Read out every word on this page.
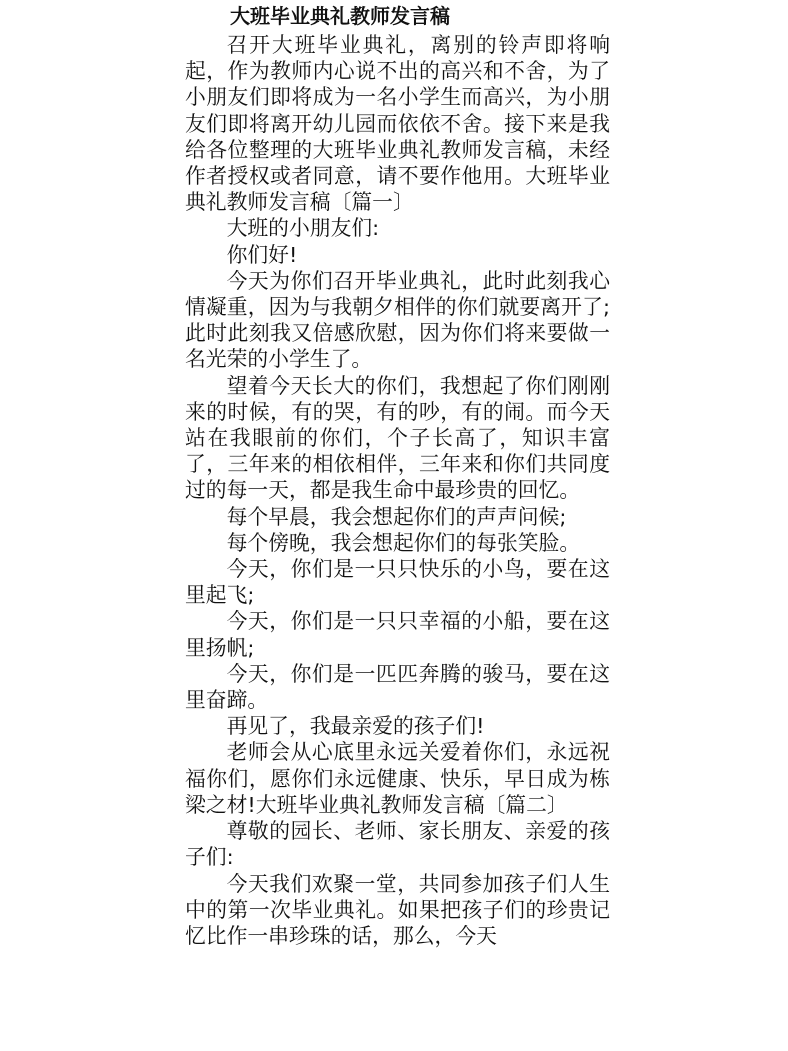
大班毕业典礼教师发言稿

召开大班毕业典礼，离别的铃声即将响起，作为教师内心说不出的高兴和不舍，为了小朋友们即将成为一名小学生而高兴，为小朋友们即将离开幼儿园而依依不舍。接下来是我给各位整理的大班毕业典礼教师发言稿，未经作者授权或者同意，请不要作他用。大班毕业典礼教师发言稿〔篇一〕

大班的小朋友们:

你们好!

今天为你们召开毕业典礼，此时此刻我心情凝重，因为与我朝夕相伴的你们就要离开了;此时此刻我又倍感欣慰，因为你们将来要做一名光荣的小学生了。

望着今天长大的你们，我想起了你们刚刚来的时候，有的哭，有的吵，有的闹。而今天站在我眼前的你们，个子长高了，知识丰富了，三年来的相依相伴，三年来和你们共同度过的每一天，都是我生命中最珍贵的回忆。

每个早晨，我会想起你们的声声问候;

每个傍晚，我会想起你们的每张笑脸。

今天，你们是一只只快乐的小鸟，要在这里起飞;

今天，你们是一只只幸福的小船，要在这里扬帆;

今天，你们是一匹匹奔腾的骏马，要在这里奋蹄。

再见了，我最亲爱的孩子们!

老师会从心底里永远关爱着你们，永远祝福你们，愿你们永远健康、快乐，早日成为栋梁之材!大班毕业典礼教师发言稿〔篇二〕

尊敬的园长、老师、家长朋友、亲爱的孩子们:

今天我们欢聚一堂，共同参加孩子们人生中的第一次毕业典礼。如果把孩子们的珍贵记忆比作一串珍珠的话，那么，今天
